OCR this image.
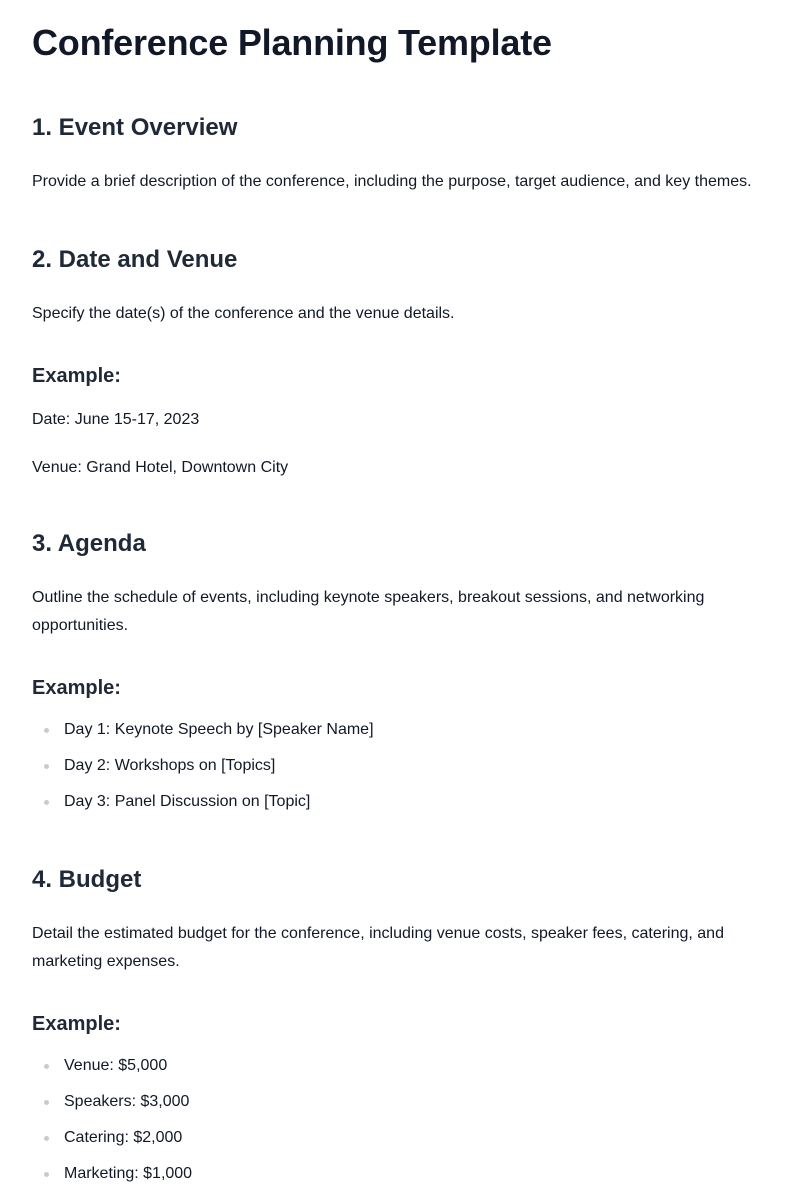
Conference Planning Template
1. Event Overview

Provide a brief description of the conference, including the purpose, target audience, and key themes.

2. Date and Venue

Specify the date(s) of the conference and the venue details.

Example:

Date: June 15-17, 2023

Venue: Grand Hotel, Downtown City

3. Agenda

Outline the schedule of events, including keynote speakers, breakout sessions, and networking opportunities.

Example:
Day 1: Keynote Speech by [Speaker Name]
Day 2: Workshops on [Topics]
Day 3: Panel Discussion on [Topic]
4. Budget

Detail the estimated budget for the conference, including venue costs, speaker fees, catering, and marketing expenses.

Example:
Venue: $5,000
Speakers: $3,000
Catering: $2,000
Marketing: $1,000
